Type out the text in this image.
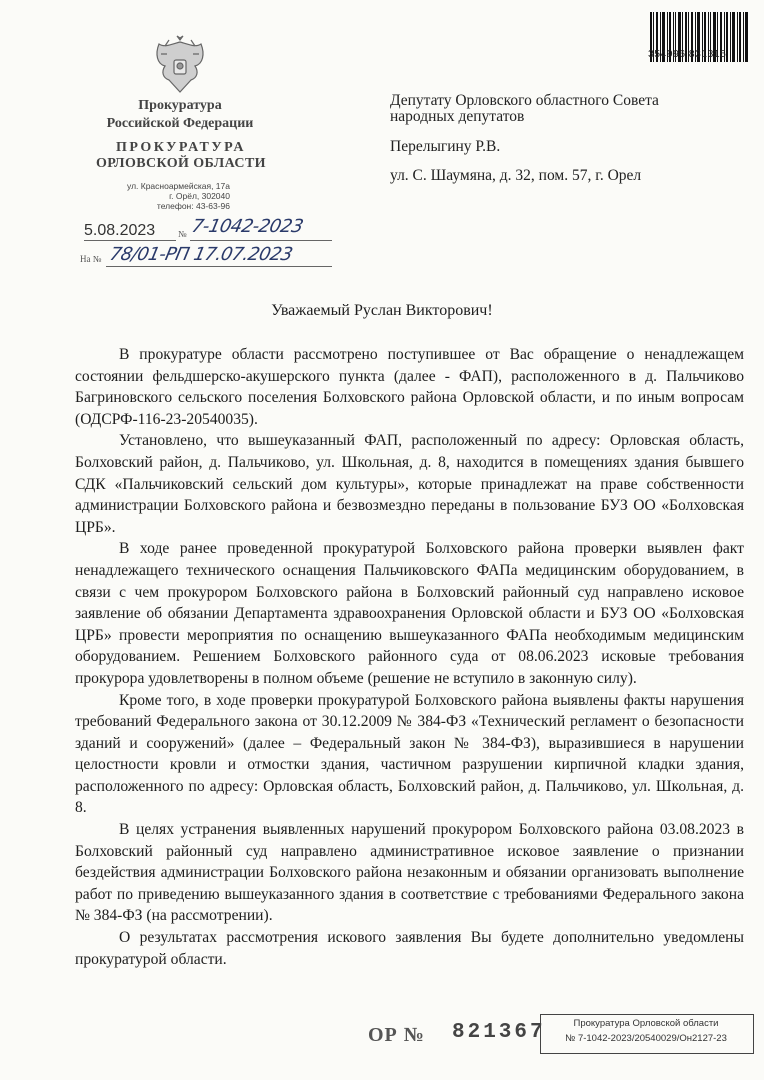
354996 831315
Прокуратура
Российской Федерации
ПРОКУРАТУРА
ОРЛОВСКОЙ ОБЛАСТИ
ул. Красноармейская, 17а
г. Орёл, 302040
телефон: 43-63-96
5.08.2023	№ 7-1042-2023
На № 78/01-РП 17.07.2023
Депутату Орловского областного Совета
народных депутатов
Перелыгину Р.В.
ул. С. Шаумяна, д. 32, пом. 57, г. Орел
Уважаемый Руслан Викторович!

В прокуратуре области рассмотрено поступившее от Вас обращение о ненадлежащем состоянии фельдшерско-акушерского пункта (далее - ФАП), расположенного в д. Пальчиково Багриновского сельского поселения Болховского района Орловской области, и по иным вопросам (ОДСРФ-116-23-20540035).

Установлено, что вышеуказанный ФАП, расположенный по адресу: Орловская область, Болховский район, д. Пальчиково, ул. Школьная, д. 8, находится в помещениях здания бывшего СДК «Пальчиковский сельский дом культуры», которые принадлежат на праве собственности администрации Болховского района и безвозмездно переданы в пользование БУЗ ОО «Болховская ЦРБ».

В ходе ранее проведенной прокуратурой Болховского района проверки выявлен факт ненадлежащего технического оснащения Пальчиковского ФАПа медицинским оборудованием, в связи с чем прокурором Болховского района в Болховский районный суд направлено исковое заявление об обязании Департамента здравоохранения Орловской области и БУЗ ОО «Болховская ЦРБ» провести мероприятия по оснащению вышеуказанного ФАПа необходимым медицинским оборудованием. Решением Болховского районного суда от 08.06.2023 исковые требования прокурора удовлетворены в полном объеме (решение не вступило в законную силу).

Кроме того, в ходе проверки прокуратурой Болховского района выявлены факты нарушения требований Федерального закона от 30.12.2009 № 384-ФЗ «Технический регламент о безопасности зданий и сооружений» (далее – Федеральный закон № 384-ФЗ), выразившиеся в нарушении целостности кровли и отмостки здания, частичном разрушении кирпичной кладки здания, расположенного по адресу: Орловская область, Болховский район, д. Пальчиково, ул. Школьная, д. 8.

В целях устранения выявленных нарушений прокурором Болховского района 03.08.2023 в Болховский районный суд направлено административное исковое заявление о признании бездействия администрации Болховского района незаконным и обязании организовать выполнение работ по приведению вышеуказанного здания в соответствие с требованиями Федерального закона № 384-ФЗ (на рассмотрении).

О результатах рассмотрения искового заявления Вы будете дополнительно уведомлены прокуратурой области.

ОР № 821367	Прокуратура Орловской области
№ 7-1042-2023/20540029/Он2127-23
